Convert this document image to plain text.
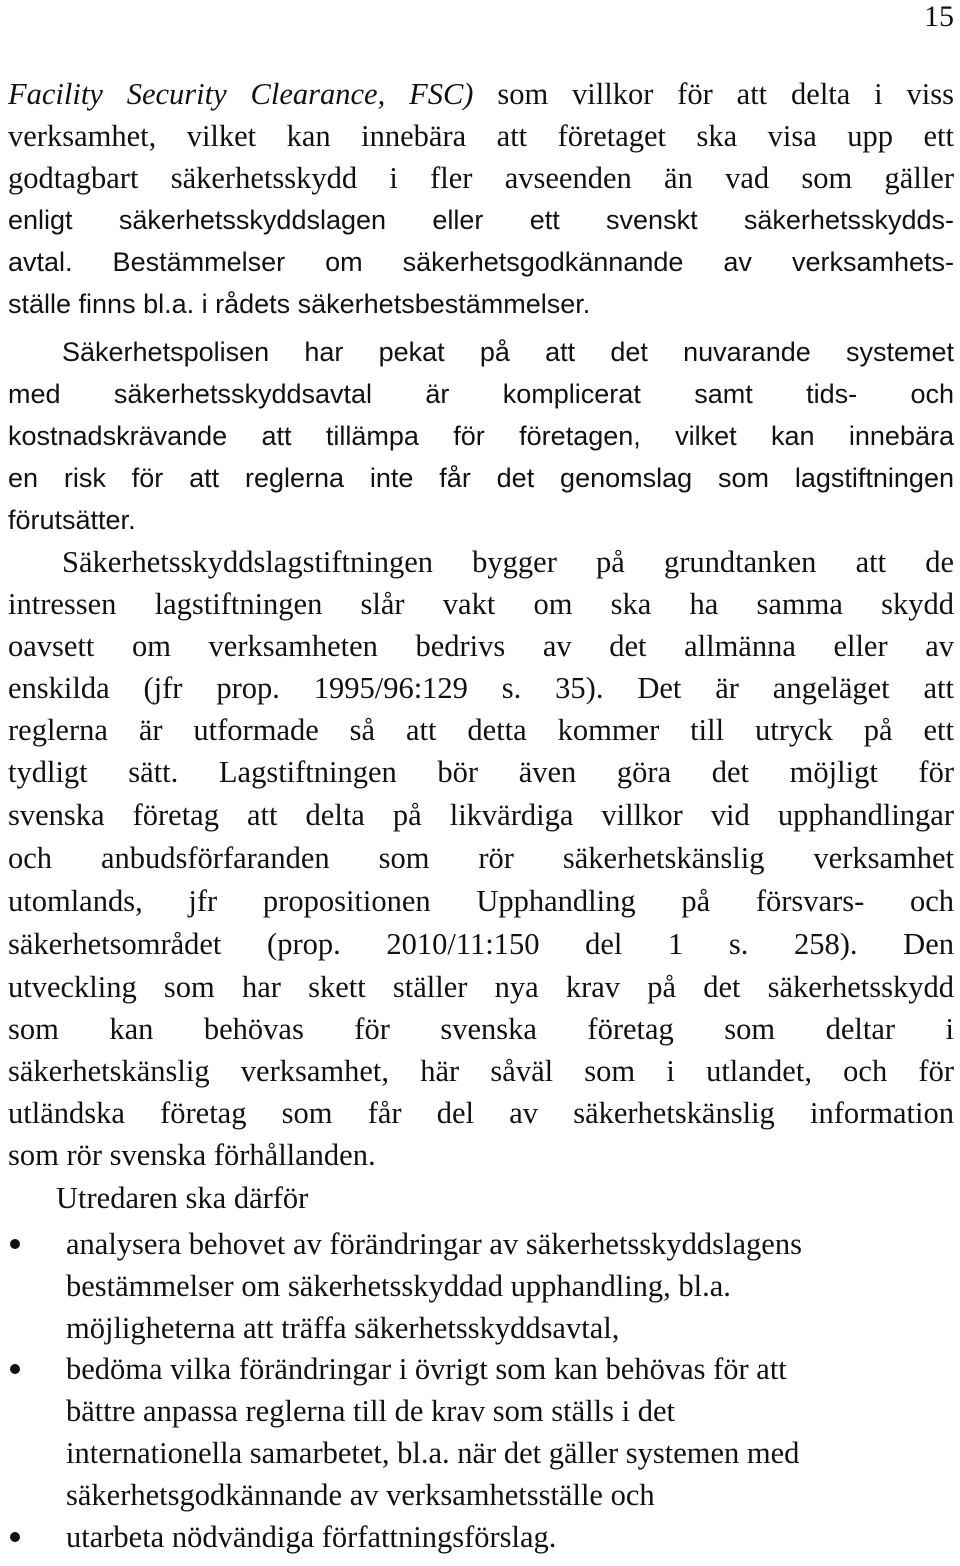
15
Facility Security Clearance, FSC) som villkor för att delta i viss
verksamhet, vilket kan innebära att företaget ska visa upp ett
godtagbart säkerhetsskydd i fler avseenden än vad som gäller
enligt säkerhetsskyddslagen eller ett svenskt säkerhetsskydds-
avtal. Bestämmelser om säkerhetsgodkännande av verksamhets-
ställe finns bl.a. i rådets säkerhetsbestämmelser.
Säkerhetspolisen har pekat på att det nuvarande systemet
med säkerhetsskyddsavtal är komplicerat samt tids- och
kostnadskrävande att tillämpa för företagen, vilket kan innebära
en risk för att reglerna inte får det genomslag som lagstiftningen
förutsätter.
Säkerhetsskyddslagstiftningen bygger på grundtanken att de
intressen lagstiftningen slår vakt om ska ha samma skydd
oavsett om verksamheten bedrivs av det allmänna eller av
enskilda (jfr prop. 1995/96:129 s. 35). Det är angeläget att
reglerna är utformade så att detta kommer till utryck på ett
tydligt sätt. Lagstiftningen bör även göra det möjligt för
svenska företag att delta på likvärdiga villkor vid upphandlingar
och anbudsförfaranden som rör säkerhetskänslig verksamhet
utomlands, jfr propositionen Upphandling på försvars- och
säkerhetsområdet (prop. 2010/11:150 del 1 s. 258). Den
utveckling som har skett ställer nya krav på det säkerhetsskydd
som kan behövas för svenska företag som deltar i
säkerhetskänslig verksamhet, här såväl som i utlandet, och för
utländska företag som får del av säkerhetskänslig information
som rör svenska förhållanden.
Utredaren ska därför
analysera behovet av förändringar av säkerhetsskyddslagens
bestämmelser om säkerhetsskyddad upphandling, bl.a.
möjligheterna att träffa säkerhetsskyddsavtal,
bedöma vilka förändringar i övrigt som kan behövas för att
bättre anpassa reglerna till de krav som ställs i det
internationella samarbetet, bl.a. när det gäller systemen med
säkerhetsgodkännande av verksamhetsställe och
utarbeta nödvändiga författningsförslag.
